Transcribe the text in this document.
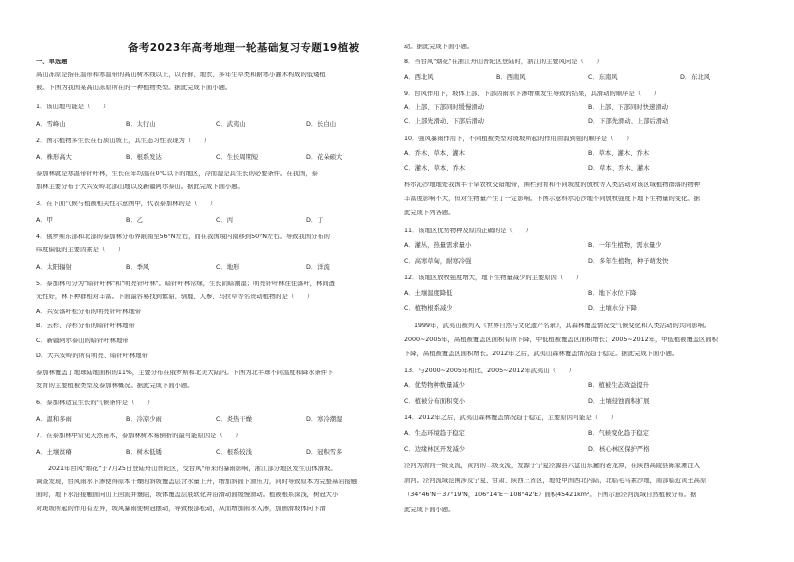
备考2023年高考地理一轮基础复习专题19植被
一、单选题
高山冻原是指在温带和寒温带的高山树木线以上，以苔藓、地衣、多年生草类和耐寒小灌木构成的低矮植
被。下图为我国某高山冻原所在的一种植物类型。据此完成下面小题。
1．该山地可能是（　　）
A．雪峰山	B．太行山	C．武夷山	D．长白山
2．图示植物多生长在石质山坡上，其生态习性表现为（　　）
A．株形高大	B．根系发达	C．生长周期短	D．花朵硕大
泰加林就是寒温带针叶林，生长在年均温在0℃以下的地区，冷而湿是其生长的必要条件。在我国，泰
加林主要分布于大兴安岭北部山地以及新疆阿尔泰山。据此完成下面小题。
3．在下面气候与植被相关性示意图中，代表泰加林的是（　　）
A．甲	B．乙	C．丙	D．丁
4．俄罗斯东部和北部的泰加林分布界限南至56°N左右，而在我国境内南移到50°N左右。导致我国分布的
纬度偏低的主要因素是（　　）
A．太阳辐射	B．季风	C．地形	D．洋流
5．泰加林可分为"暗针叶林"和"明亮针叶林"。暗针叶林常绿，生长阴暗潮湿；明亮针叶林往往落叶，林间透
光性好，林下种群相对丰富。下面最容易找到紫貂、驯鹿、人参、马拉草等名贵动植物的是（　　）
A．兴安落叶松分布的明亮针叶林地带
B．云杉、冷杉分布的暗针叶林地带
C．新疆阿尔泰山的暗针叶林地带
D．大兴安岭的所有明亮、暗针叶林地带
泰加林覆盖了地球陆地面积的11%，主要分布在俄罗斯和北美大陆内。下图为北半球不同温度和降水条件下
发育的主要植被类型及泰加林概况。据此完成下面小题。
6．泰加林适宜生长的气候条件是（　　）
A．温和多雨	B．冷凉少雨	C．炎热干燥	D．寒冷潮湿
7．在泰加林中常见天然苗木，泰加林树木易倒折的最可能原因是（　　）
A．土壤贫瘠	B．树木低矮	C．根系较浅	D．冠积雪多
2021年台风"烟花"于7月25日登陆舟山普陀区，受台风"带来的暴雨影响，浙江部分地区发生山体滑坡。
调查发现，台风雨水下渗使得原本干燥的斜坡覆盖层含水量上升，增加斜面下滑压力，同时导致原本为完整基岩接触
面时，地下水沿接触面向山上回流并壅阻，坡体覆盖层底软化并沿滑动面缓慢滑动。植被根系深浅，树冠大小
对斑坡所起的作用有差异，坡风暴雨使树冠摆动，导致根部松动，从而增加雨水入渗，加剧滑坡体向下滑
动。据此完成下面小题。
8．当台风"烟花"在浙江舟山普陀区登陆时，浙江的主要风向是（　　）
A．西北风	B．西南风	C．东南风	D．东北风
9．台风作用下，坡体上部、下部因雨水下渗增重发生导致的结果，其滑动的顺序是（　　）
A．上部、下部同时缓慢滑动	B．上部、下部同时快速滑动
C．上部先滑动、下部后滑动	D．下部先滑动、上部后滑动
10．强风暴雨作用下，不同植被类型对斑坡所起的作用由弱到强的顺序是（　　）
A．乔木、草本、灌木	B．草本、灌木、乔木
C．灌木、草本、乔木	D．草本、乔木、灌木
科尔沁沙地地处我国半干旱农牧交错地带，围栏封育和不同坡度的放牧等人类活动对该区域植物群落的物种
丰富度影响不大，但对生物量产生了一定影响。下图示意科尔沁沙地不同放牧强度下地下生物量的变化。据
此完成下列各题。
11．该地区优势物种及原因正确的是（　　）
A．灌丛，热量需求量小	B．一年生植物，需水量少
C．高寒草甸，耐寒冷强	D．多年生植物，种子萌发快
12．该地区放牧强度增大，地下生物量减少的主要原因（　　）
A．土壤温度降低	B．地下水位下降
C．植物根系减少	D．土壤水分下降
1999年，武夷山被列入《世界自然与文化遗产名录》，其森林覆盖情况受气候变化和人类活动的共同影响。
2000~2005年，高植被覆盖区面积有所下降，中低植被覆盖区面积增长；2005~2012年，中低植被覆盖区面积
下降，高植被覆盖区面积增长。2012年之后，武夷山森林覆盖情况趋于稳定。据此完成下面小题。
13．与2000~2005年相比，2005~2012年武夷山（　　）
A．优势物种数量减少	B．植被生态效益提升
C．植被分布面积变小	D．土壤侵蚀面积扩展
14．2012年之后，武夷山森林覆盖情况趋于稳定，主要原因可能是（　　）
A．生态环境趋于稳定	B．气候变化趋于稳定
C．边缘林区开发减少	D．核心林区保护严格
泾河为渭河一级支流，黄河的二级支流，发源于宁夏泾源县六盘山东麓的老龙潭，在陕西高陵县陈家滩注入
渭河。泾河流域范围涉及宁夏、甘肃、陕西三省区，地处中国西北内陆，北临毛乌素沙地，南部临近黄土高原
（34°46'N－37°19'N，106°14'E－108°42'E）面积45421km²。下图示意泾河流域自然植被分布。据
此完成下面小题。
